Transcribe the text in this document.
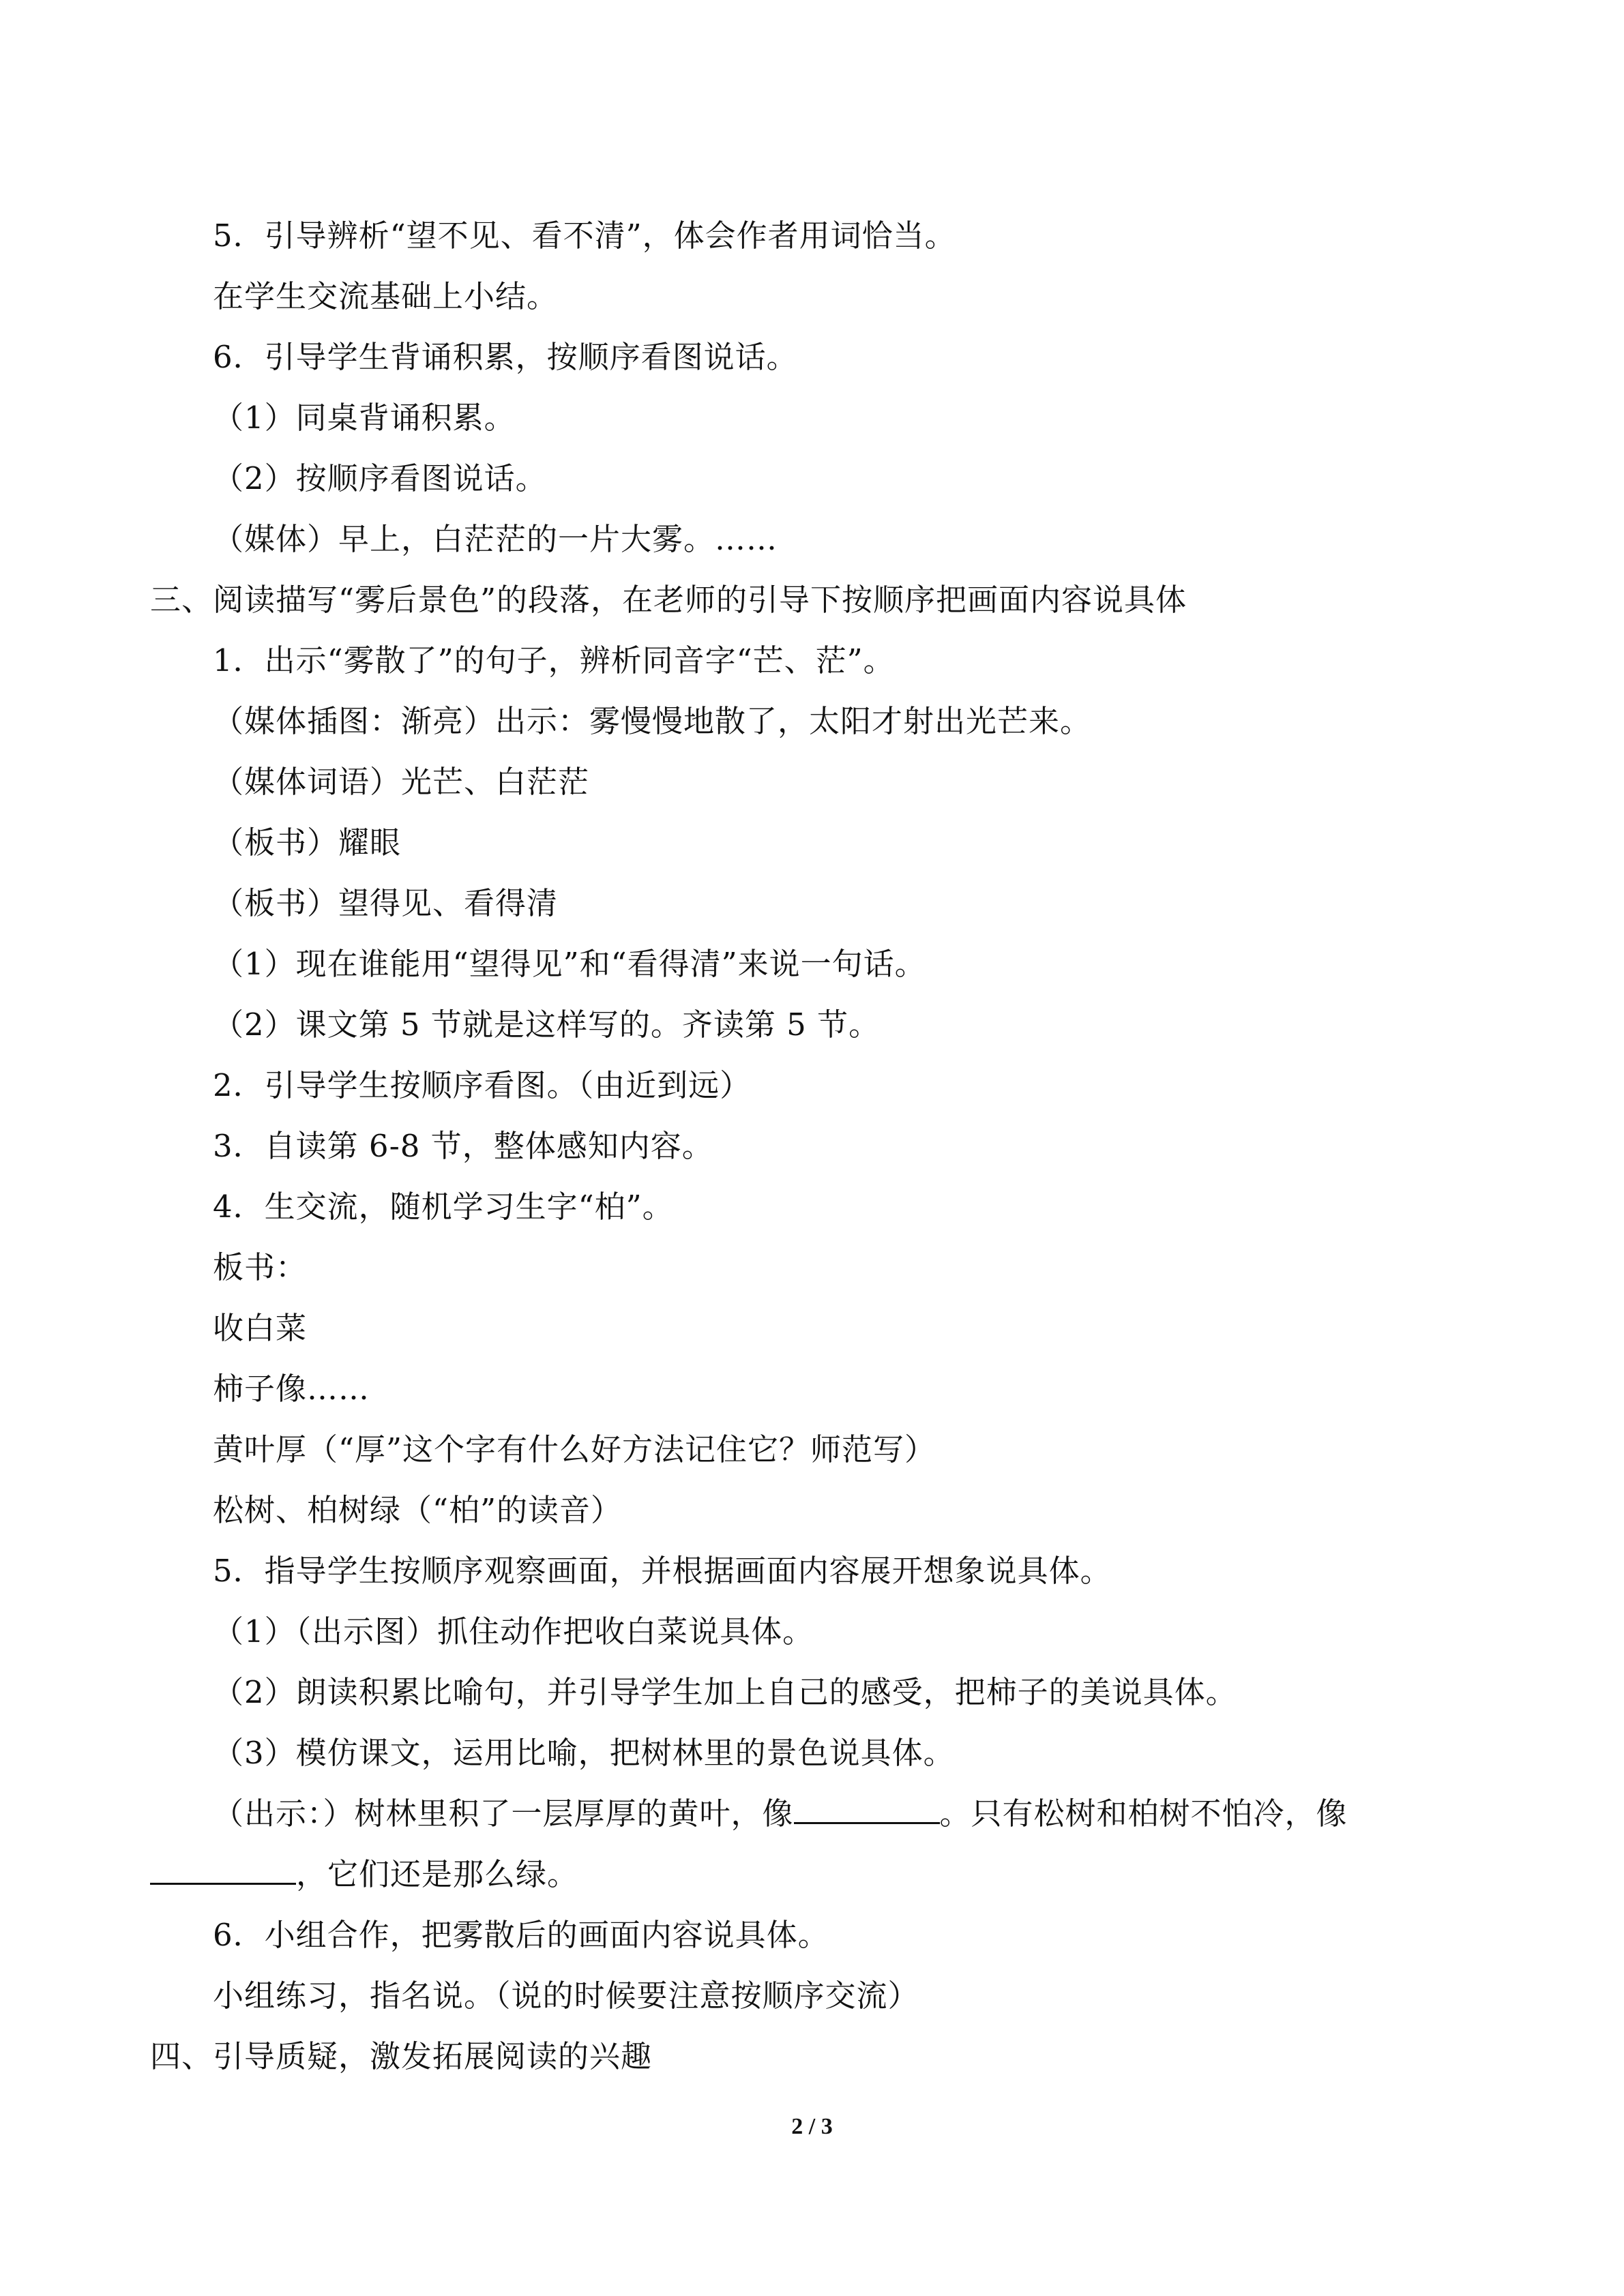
5．引导辨析“望不见、看不清”，体会作者用词恰当。
在学生交流基础上小结。
6．引导学生背诵积累，按顺序看图说话。
（1）同桌背诵积累。
（2）按顺序看图说话。
（媒体）早上，白茫茫的一片大雾。……
三、阅读描写“雾后景色”的段落，在老师的引导下按顺序把画面内容说具体
1．出示“雾散了”的句子，辨析同音字“芒、茫”。
（媒体插图：渐亮）出示：雾慢慢地散了，太阳才射出光芒来。
（媒体词语）光芒、白茫茫
（板书）耀眼
（板书）望得见、看得清
（1）现在谁能用“望得见”和“看得清”来说一句话。
（2）课文第 5 节就是这样写的。齐读第 5 节。
2．引导学生按顺序看图。（由近到远）
3．自读第 6-8 节，整体感知内容。
4．生交流，随机学习生字“柏”。
板书：
收白菜
柿子像……
黄叶厚（“厚”这个字有什么好方法记住它？师范写）
松树、柏树绿（“柏”的读音）
5．指导学生按顺序观察画面，并根据画面内容展开想象说具体。
（1）（出示图）抓住动作把收白菜说具体。
（2）朗读积累比喻句，并引导学生加上自己的感受，把柿子的美说具体。
（3）模仿课文，运用比喻，把树林里的景色说具体。
（出示：）树林里积了一层厚厚的黄叶，像	。只有松树和柏树不怕冷，像
，它们还是那么绿。
6．小组合作，把雾散后的画面内容说具体。
小组练习，指名说。（说的时候要注意按顺序交流）
四、引导质疑，激发拓展阅读的兴趣
2 / 3
